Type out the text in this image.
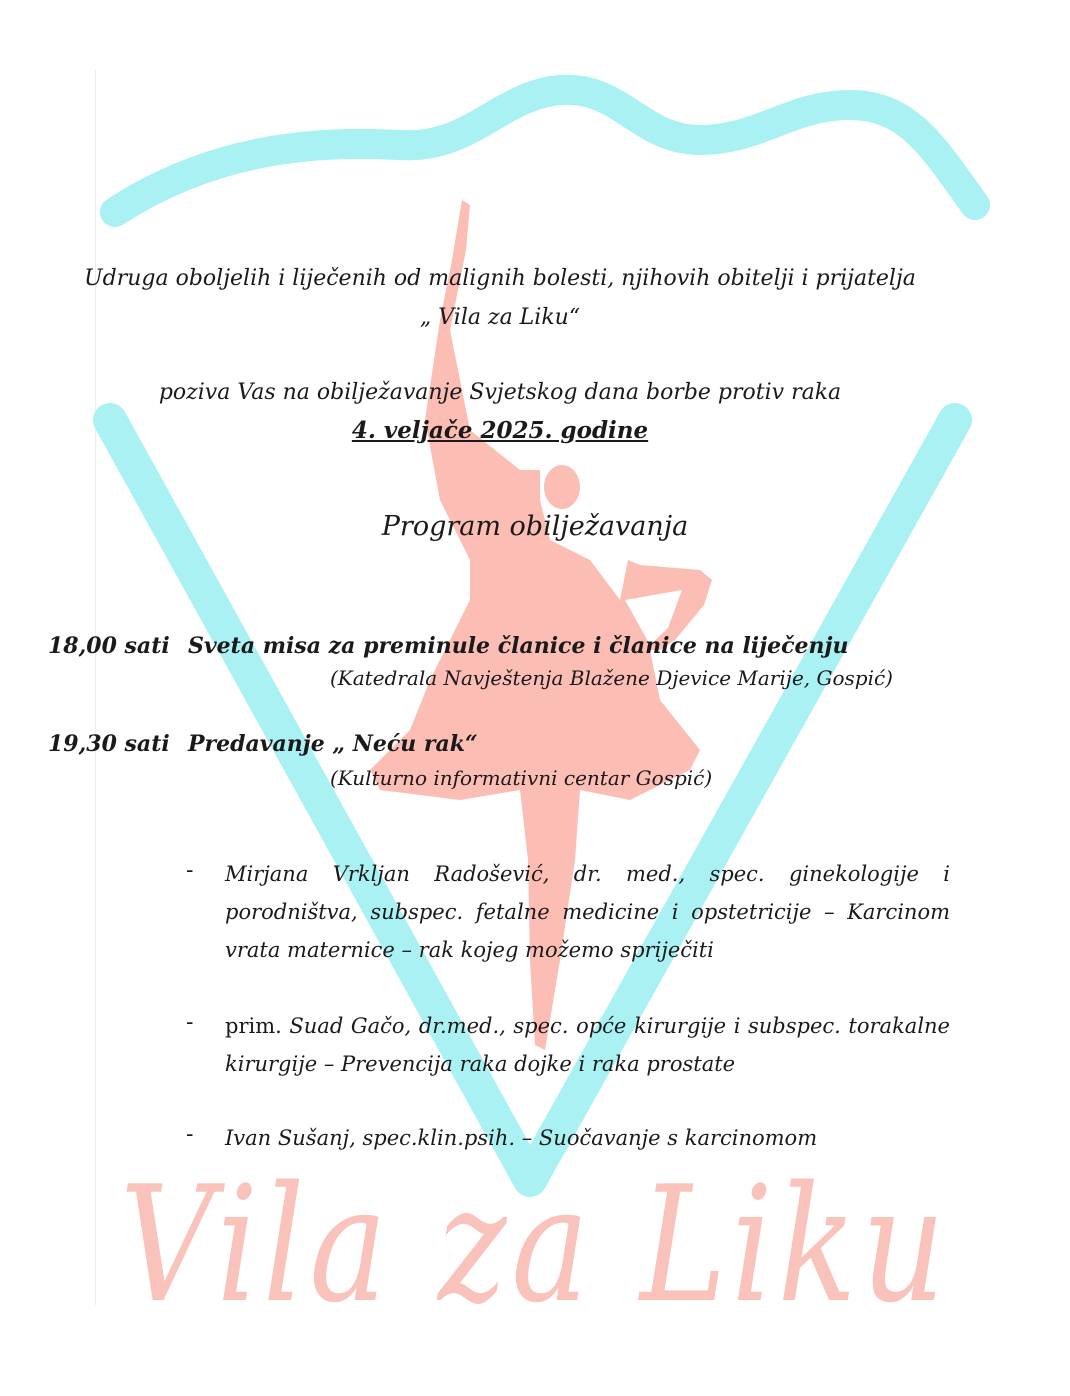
Vila za Liku
Udruga oboljelih i liječenih od malignih bolesti, njihovih obitelji i prijatelja
„ Vila za Liku“
poziva Vas na obilježavanje Svjetskog dana borbe protiv raka
4. veljače 2025. godine
Program obilježavanja
18,00 sati Sveta misa za preminule članice i članice na liječenju
(Katedrala Navještenja Blažene Djevice Marije, Gospić)
19,30 sati Predavanje „ Neću rak“
(Kulturno informativni centar Gospić)
- Mirjana Vrkljan Radošević, dr. med., spec. ginekologije i porodništva, subspec. fetalne medicine i opstetricije – Karcinom vrata maternice – rak kojeg možemo spriječiti
- prim. Suad Gačo, dr.med., spec. opće kirurgije i subspec. torakalne kirurgije – Prevencija raka dojke i raka prostate
- Ivan Sušanj, spec.klin.psih. – Suočavanje s karcinomom
